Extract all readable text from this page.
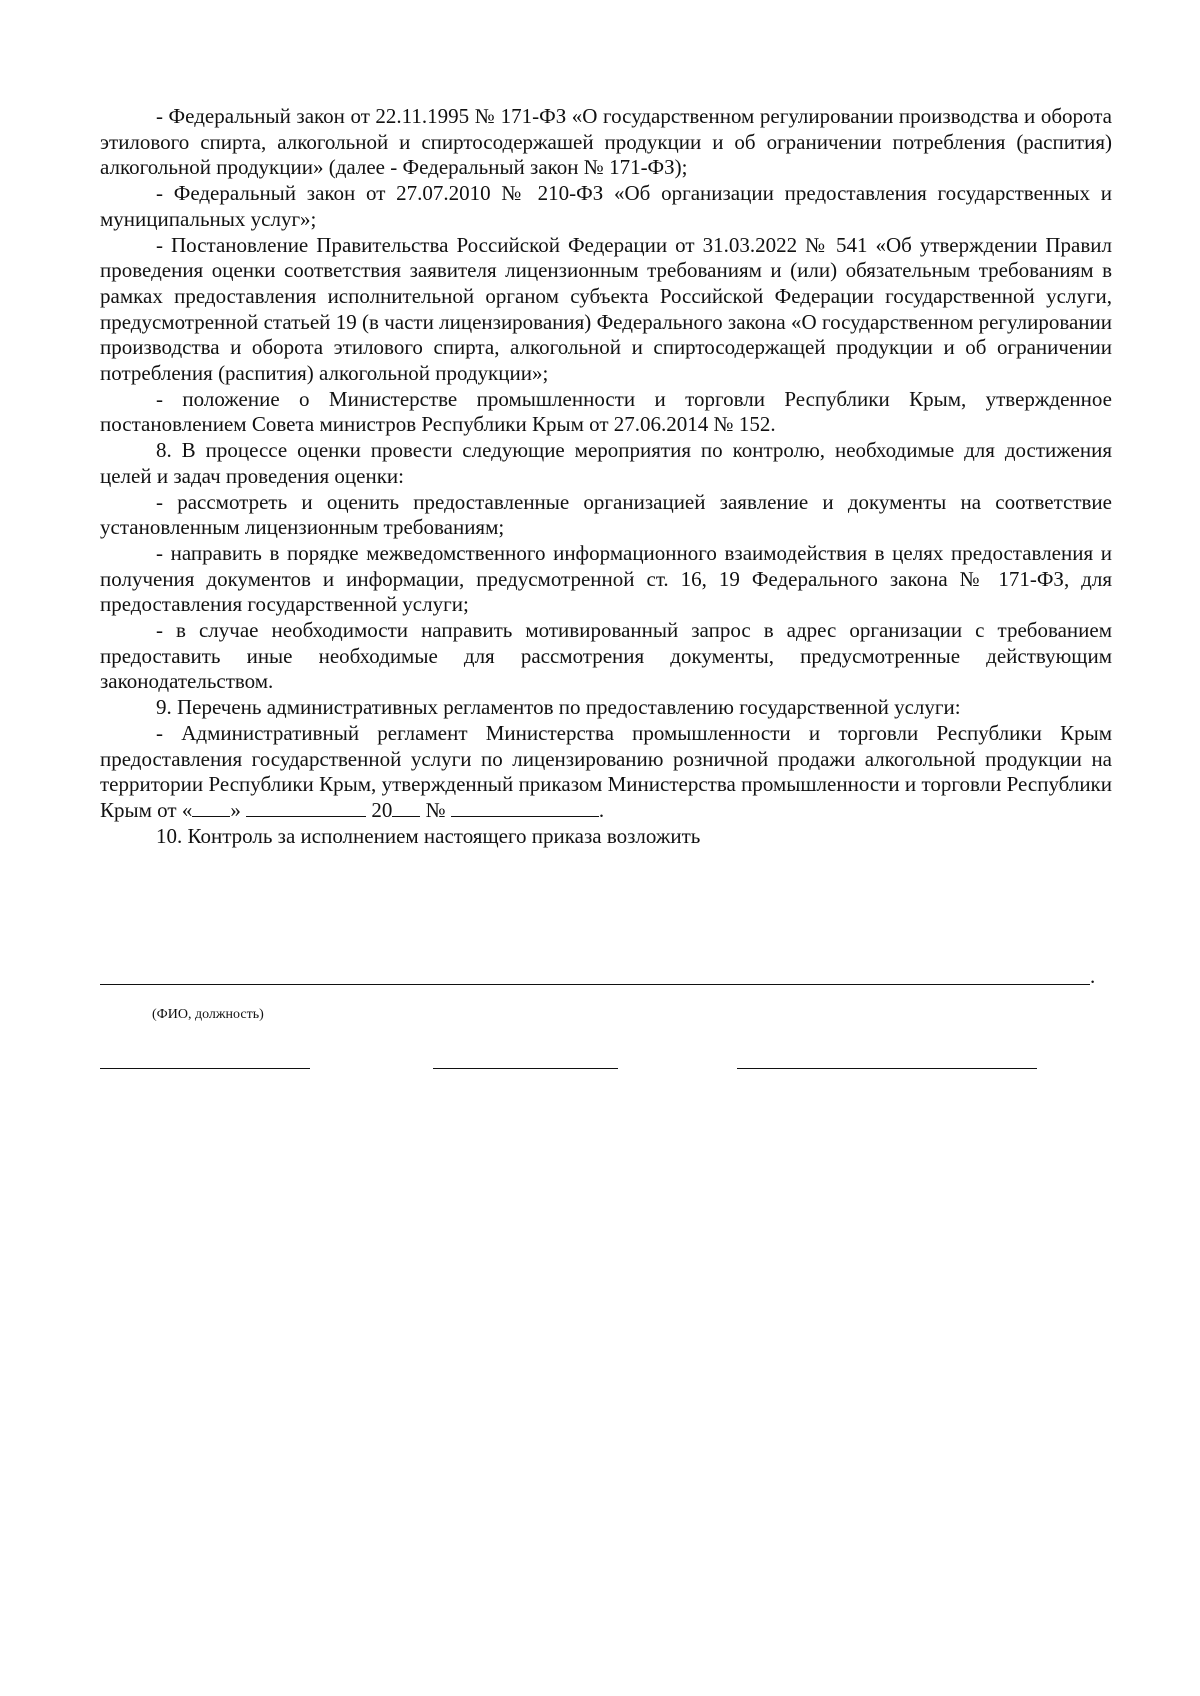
- Федеральный закон от 22.11.1995 № 171-ФЗ «О государственном регулировании производства и оборота этилового спирта, алкогольной и спиртосодержашей продукции и об ограничении потребления (распития) алкогольной продукции» (далее - Федеральный закон № 171-ФЗ);

- Федеральный закон от 27.07.2010 № 210-ФЗ «Об организации предоставления государственных и муниципальных услуг»;

- Постановление Правительства Российской Федерации от 31.03.2022 № 541 «Об утверждении Правил проведения оценки соответствия заявителя лицензионным требованиям и (или) обязательным требованиям в рамках предоставления исполнительной органом субъекта Российской Федерации государственной услуги, предусмотренной статьей 19 (в части лицензирования) Федерального закона «О государственном регулировании производства и оборота этилового спирта, алкогольной и спиртосодержащей продукции и об ограничении потребления (распития) алкогольной продукции»;

- положение о Министерстве промышленности и торговли Республики Крым, утвержденное постановлением Совета министров Республики Крым от 27.06.2014 № 152.

8. В процессе оценки провести следующие мероприятия по контролю, необходимые для достижения целей и задач проведения оценки:

- рассмотреть и оценить предоставленные организацией заявление и документы на соответствие установленным лицензионным требованиям;

- направить в порядке межведомственного информационного взаимодействия в целях предоставления и получения документов и информации, предусмотренной ст. 16, 19 Федерального закона № 171-ФЗ, для предоставления государственной услуги;

- в случае необходимости направить мотивированный запрос в адрес организации с требованием предоставить иные необходимые для рассмотрения документы, предусмотренные действующим законодательством.

9. Перечень административных регламентов по предоставлению государственной услуги:

- Административный регламент Министерства промышленности и торговли Республики Крым предоставления государственной услуги по лицензированию розничной продажи алкогольной продукции на территории Республики Крым, утвержденный приказом Министерства промышленности и торговли Республики Крым от « »	20 №	.

10. Контроль за исполнением настоящего приказа возложить

.
(ФИО, должность)
